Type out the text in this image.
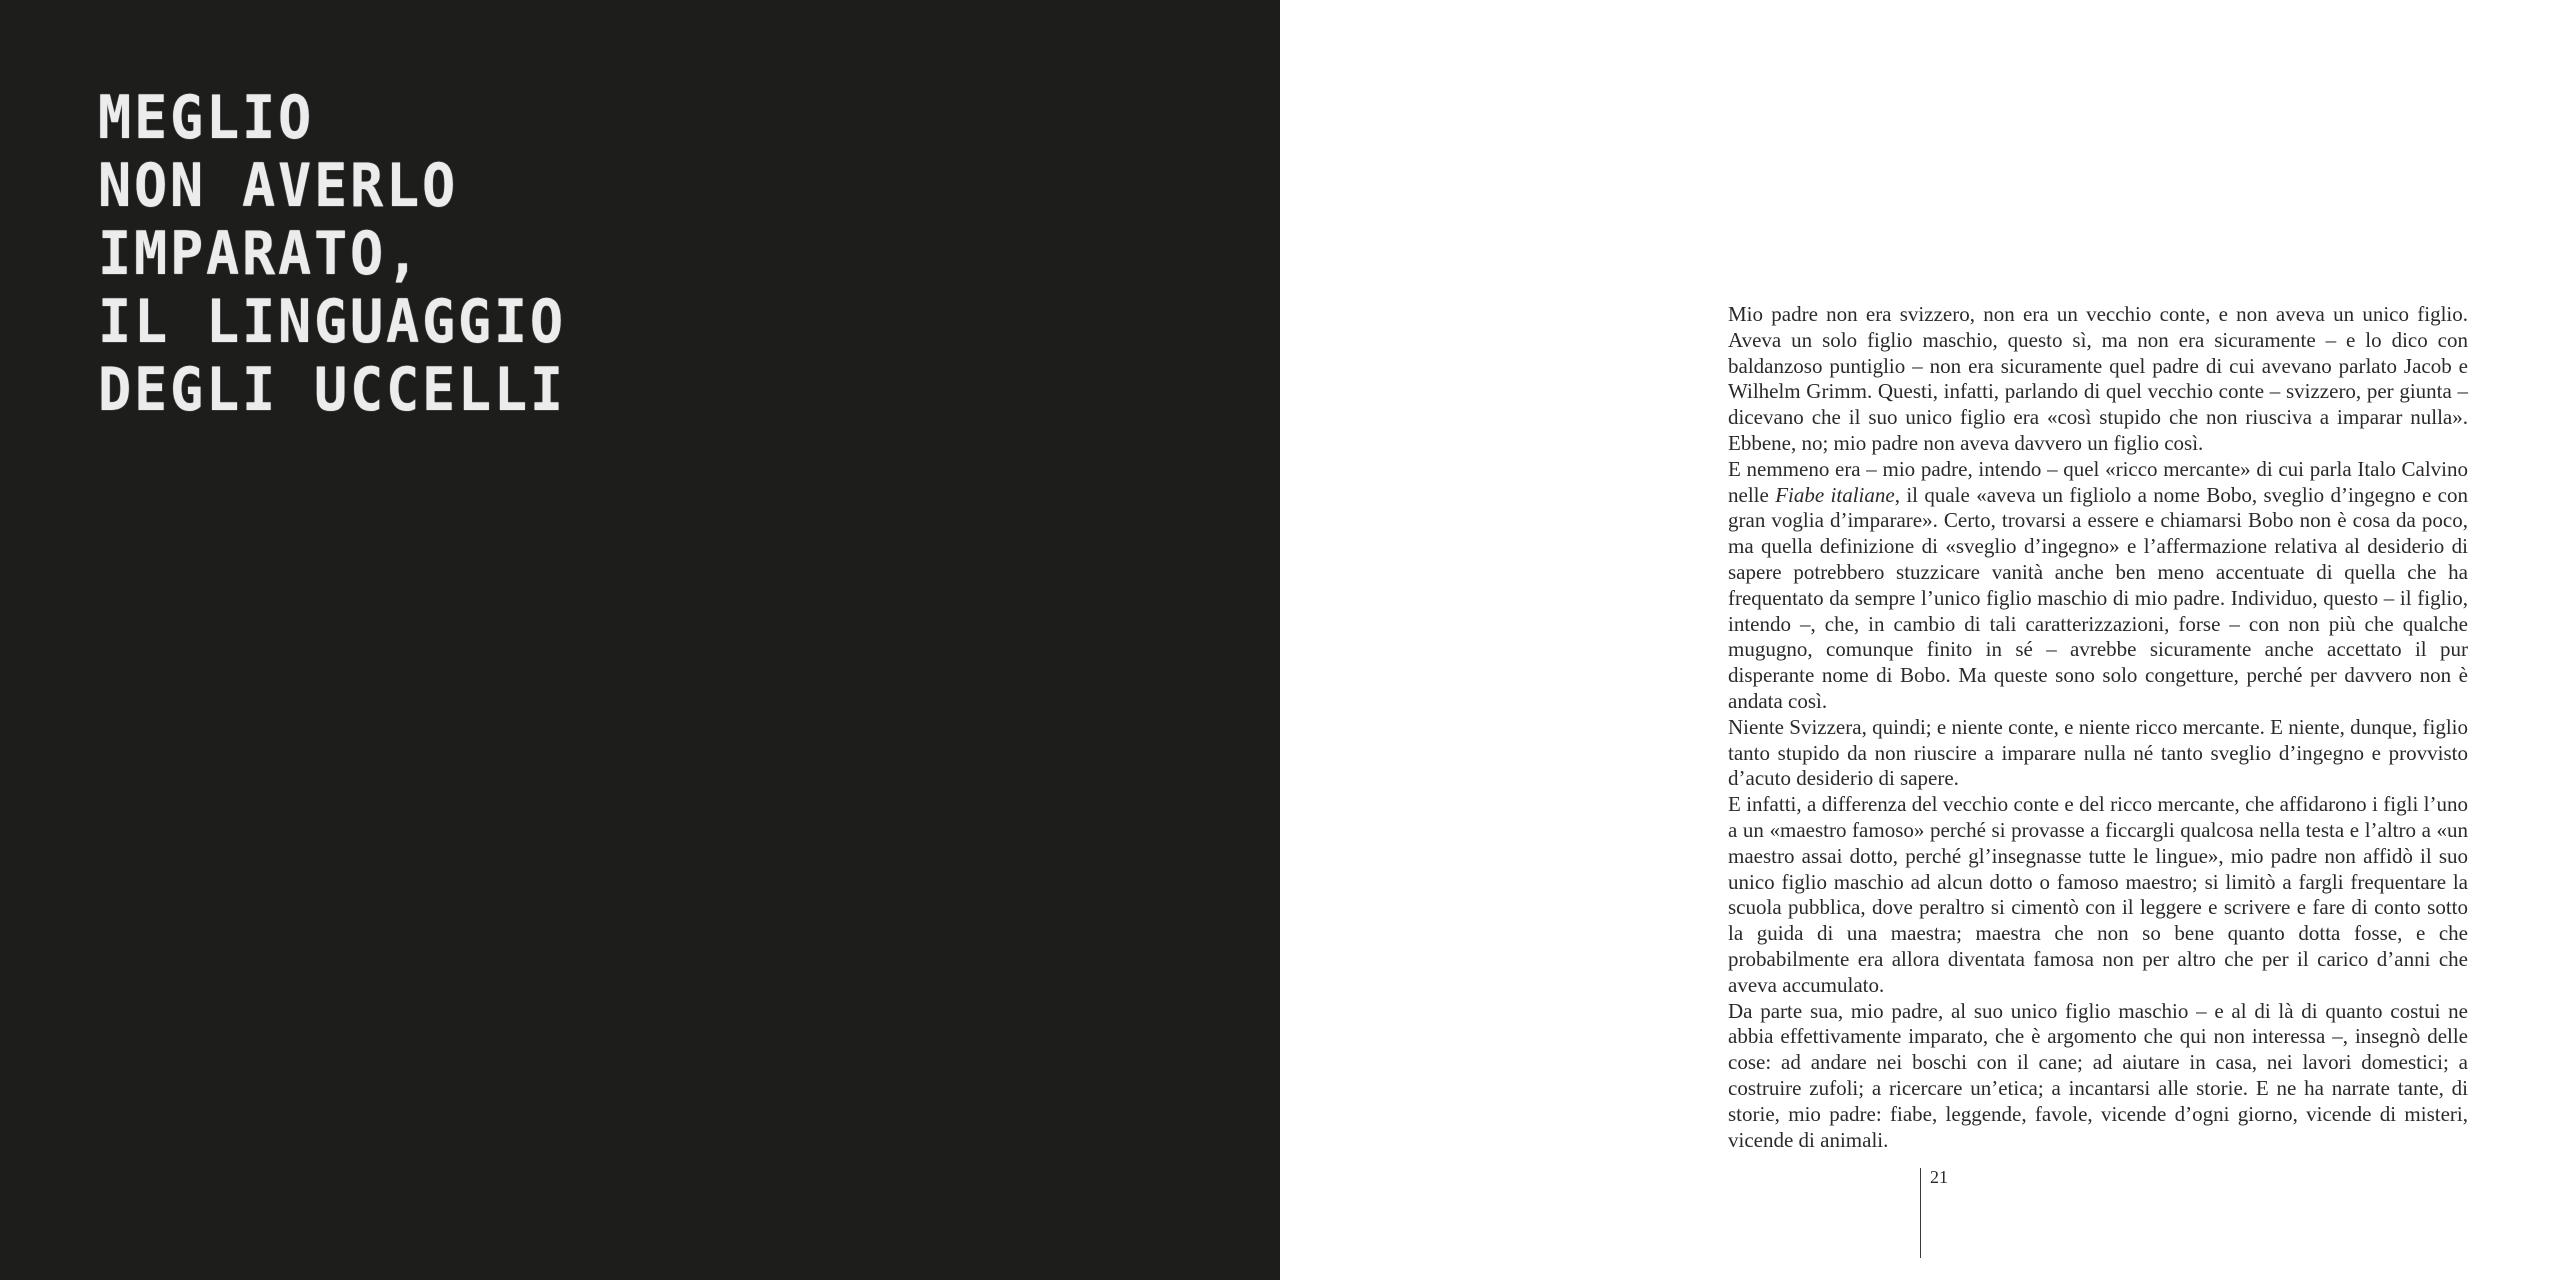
MEGLIO
NON AVERLO
IMPARATO,
IL LINGUAGGIO
DEGLI UCCELLI

Mio padre non era svizzero, non era un vecchio conte, e non aveva un unico figlio. Aveva un solo figlio maschio, questo sì, ma non era sicuramente – e lo dico con baldanzoso puntiglio – non era sicuramente quel padre di cui avevano parlato Jacob e Wilhelm Grimm. Questi, infatti, parlando di quel vecchio conte – svizzero, per giunta – dicevano che il suo unico figlio era «così stupido che non riusciva a imparar nulla». Ebbene, no; mio padre non aveva davvero un figlio così.

E nemmeno era – mio padre, intendo – quel «ricco mercante» di cui parla Italo Calvino nelle Fiabe italiane, il quale «aveva un figliolo a nome Bobo, sveglio d’ingegno e con gran voglia d’imparare». Certo, trovarsi a essere e chiamarsi Bobo non è cosa da poco, ma quella definizione di «sveglio d’ingegno» e l’affermazione relativa al desiderio di sapere potrebbero stuzzicare vanità anche ben meno accentuate di quella che ha frequentato da sempre l’unico figlio maschio di mio padre. Individuo, questo – il figlio, intendo –, che, in cambio di tali caratterizzazioni, forse – con non più che qualche mugugno, comunque finito in sé – avrebbe sicuramente anche accettato il pur disperante nome di Bobo. Ma queste sono solo congetture, perché per davvero non è andata così.

Niente Svizzera, quindi; e niente conte, e niente ricco mercante. E niente, dunque, figlio tanto stupido da non riuscire a imparare nulla né tanto sveglio d’ingegno e provvisto d’acuto desiderio di sapere.

E infatti, a differenza del vecchio conte e del ricco mercante, che affidarono i figli l’uno a un «maestro famoso» perché si provasse a ficcargli qualcosa nella testa e l’altro a «un maestro assai dotto, perché gl’insegnasse tutte le lingue», mio padre non affidò il suo unico figlio maschio ad alcun dotto o famoso maestro; si limitò a fargli frequentare la scuola pubblica, dove peraltro si cimentò con il leggere e scrivere e fare di conto sotto la guida di una maestra; maestra che non so bene quanto dotta fosse, e che probabilmente era allora diventata famosa non per altro che per il carico d’anni che aveva accumulato.

Da parte sua, mio padre, al suo unico figlio maschio – e al di là di quanto costui ne abbia effettivamente imparato, che è argomento che qui non interessa –, insegnò delle cose: ad andare nei boschi con il cane; ad aiutare in casa, nei lavori domestici; a costruire zufoli; a ricercare un’etica; a incantarsi alle storie. E ne ha narrate tante, di storie, mio padre: fiabe, leggende, favole, vicende d’ogni giorno, vicende di misteri, vicende di animali.

21
